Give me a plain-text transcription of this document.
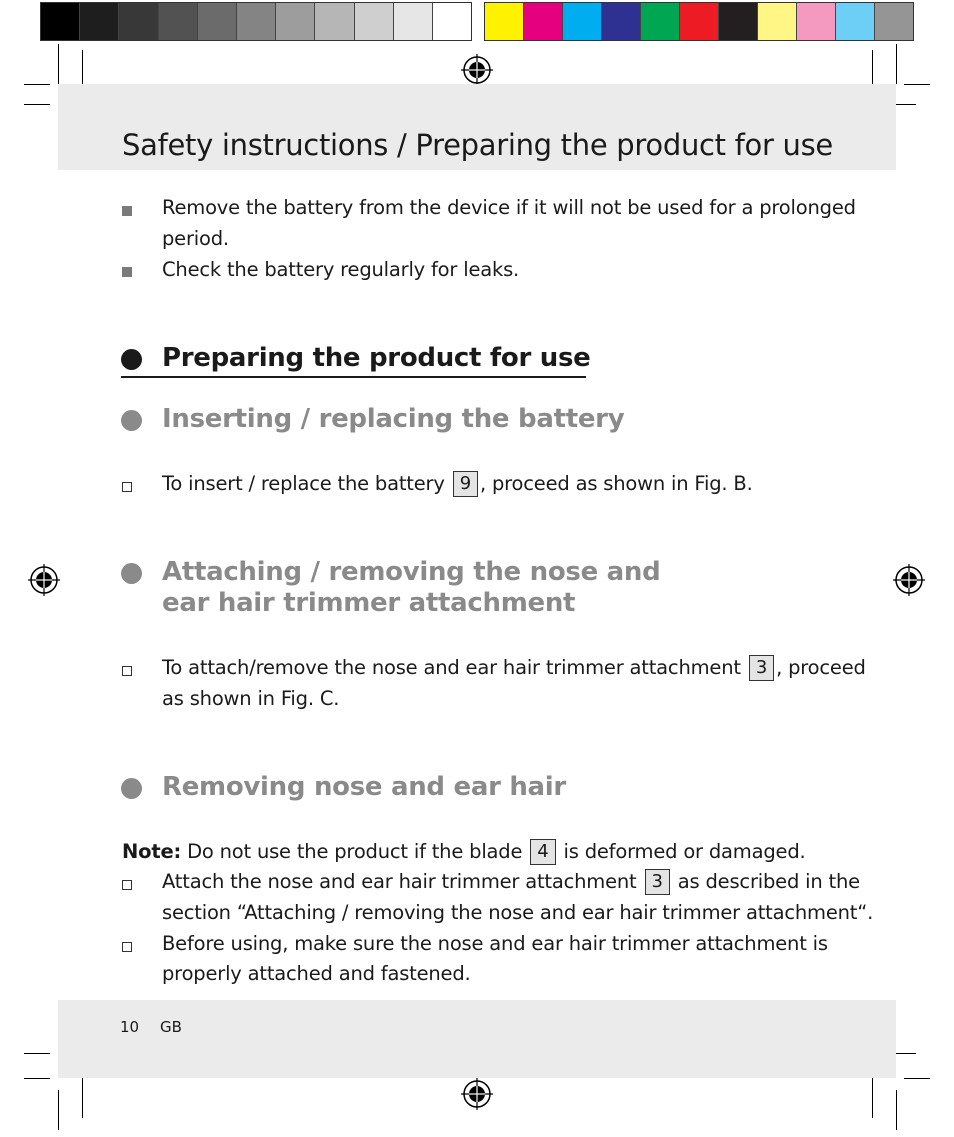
Safety instructions / Preparing the product for use
Remove the battery from the device if it will not be used for a prolonged
period.
Check the battery regularly for leaks.
Preparing the product for use
Inserting / replacing the battery
To insert / replace the battery 9 , proceed as shown in Fig. B.
Attaching / removing the nose and
ear hair trimmer attachment
To attach/remove the nose and ear hair trimmer attachment 3 , proceed
as shown in Fig. C.
Removing nose and ear hair
Note: Do not use the product if the blade 4 is deformed or damaged.
Attach the nose and ear hair trimmer attachment 3 as described in the
section “Attaching / removing the nose and ear hair trimmer attachment“.
Before using, make sure the nose and ear hair trimmer attachment is
properly attached and fastened.
10 GB
